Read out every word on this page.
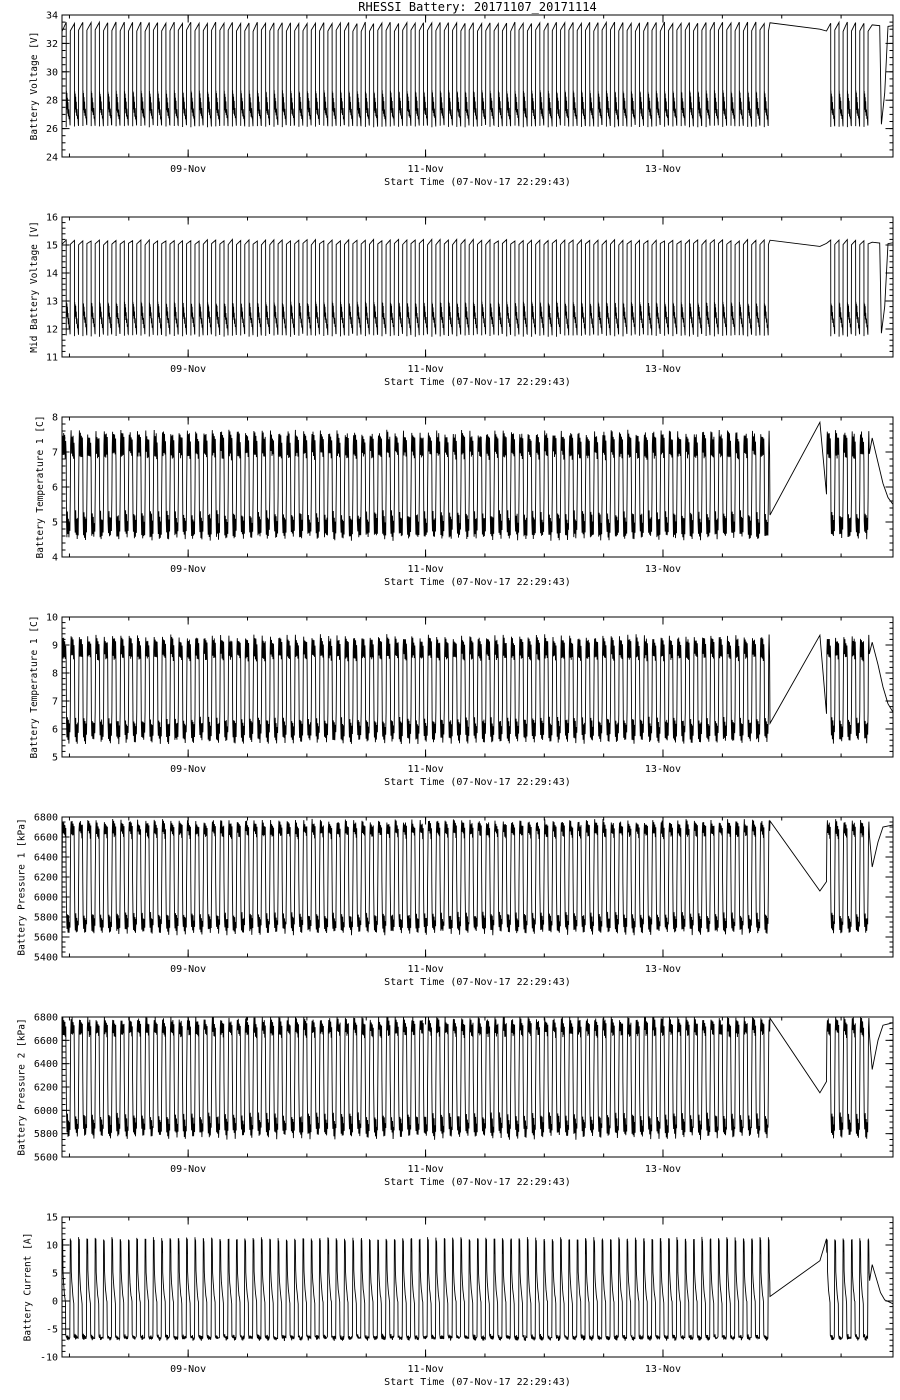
RHESSI Battery: 20171107_20171114
09-Nov	11-Nov	13-Nov
Start Time (07-Nov-17 22:29:43)
24
26
28
30
32
34
Battery Voltage [V]
09-Nov	11-Nov	13-Nov
Start Time (07-Nov-17 22:29:43)
11
12
13
14
15
16
Mid Battery Voltage [V]
09-Nov	11-Nov	13-Nov
Start Time (07-Nov-17 22:29:43)
4
5
6
7
8
Battery Temperature 1 [C]
09-Nov	11-Nov	13-Nov
Start Time (07-Nov-17 22:29:43)
5
6
7
8
9
10
Battery Temperature 1 [C]
09-Nov	11-Nov	13-Nov
Start Time (07-Nov-17 22:29:43)
5400
5600
5800
6000
6200
6400
6600
6800
Battery Pressure 1 [kPa]
09-Nov	11-Nov	13-Nov
Start Time (07-Nov-17 22:29:43)
5600
5800
6000
6200
6400
6600
6800
Battery Pressure 2 [kPa]
09-Nov	11-Nov	13-Nov
Start Time (07-Nov-17 22:29:43)
-10
-5
0
5
10
15
Battery Current [A]
